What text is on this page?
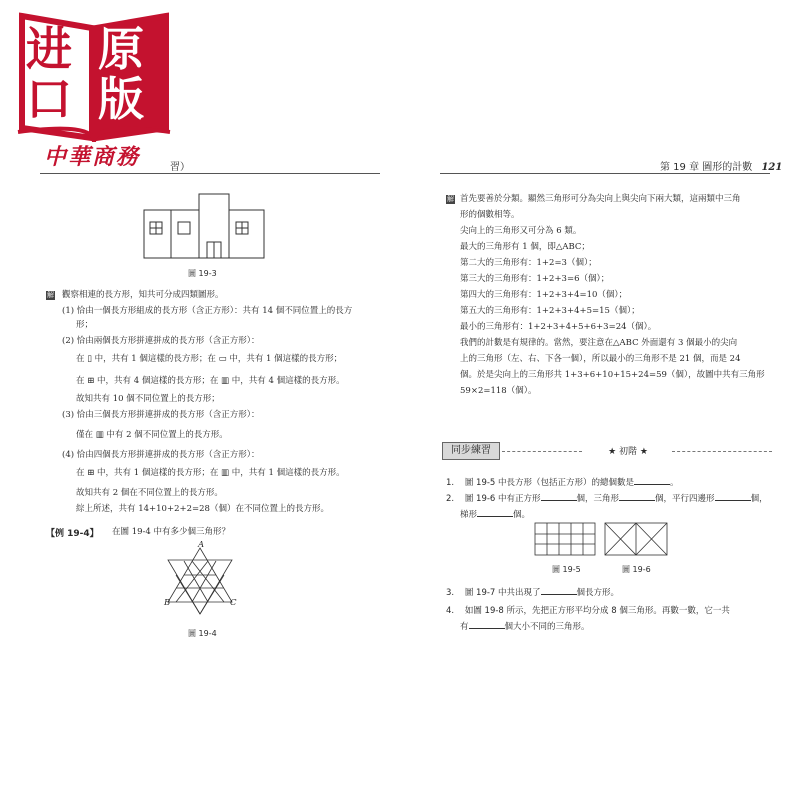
进 原
口 版
中華商務	習）	第 19 章 圖形的計數 121
圖 19-3
解 觀察相連的長方形，知共可分成四類圖形。
(1) 恰由一個長方形組成的長方形（含正方形）：共有 14 個不同位置上的長方
形；
(2) 恰由兩個長方形拼連拼成的長方形（含正方形）：
在 ▯ 中，共有 1 個這樣的長方形；在 ▭ 中，共有 1 個這樣的長方形；
在 ⊞ 中，共有 4 個這樣的長方形；在 ▥ 中，共有 4 個這樣的長方形。
故知共有 10 個不同位置上的長方形；
(3) 恰由三個長方形拼連拼成的長方形（含正方形）：
僅在 ▥ 中有 2 個不同位置上的長方形。
(4) 恰由四個長方形拼連拼成的長方形（含正方形）：
在 ⊞ 中，共有 1 個這樣的長方形；在 ▥ 中，共有 1 個這樣的長方形。
故知共有 2 個在不同位置上的長方形。
綜上所述，共有 14+10+2+2=28（個）在不同位置上的長方形。
【例 19-4】 在圖 19-4 中有多少個三角形？
A
B	C
圖 19-4
解 首先要善於分類。顯然三角形可分為尖向上與尖向下兩大類，這兩類中三角
形的個數相等。
尖向上的三角形又可分為 6 類。
最大的三角形有 1 個，即△ABC；
第二大的三角形有：1+2=3（個）；
第三大的三角形有：1+2+3=6（個）；
第四大的三角形有：1+2+3+4=10（個）；
第五大的三角形有：1+2+3+4+5=15（個）；
最小的三角形有：1+2+3+4+5+6+3=24（個）。
我們的計數是有規律的。當然，要注意在△ABC 外面還有 3 個最小的尖向
上的三角形（左、右、下各一個），所以最小的三角形不是 21 個，而是 24
個。於是尖向上的三角形共 1+3+6+10+15+24=59（個），故圖中共有三角形
59×2=118（個）。
同步練習	★ 初階 ★
1. 圖 19-5 中長方形（包括正方形）的總個數是	。
2. 圖 19-6 中有正方形	個，三角形	個，平行四邊形	個，
梯形	個。
圖 19-5	圖 19-6
3. 圖 19-7 中共出現了	個長方形。
4. 如圖 19-8 所示，先把正方形平均分成 8 個三角形。再數一數，它一共
有	個大小不同的三角形。
